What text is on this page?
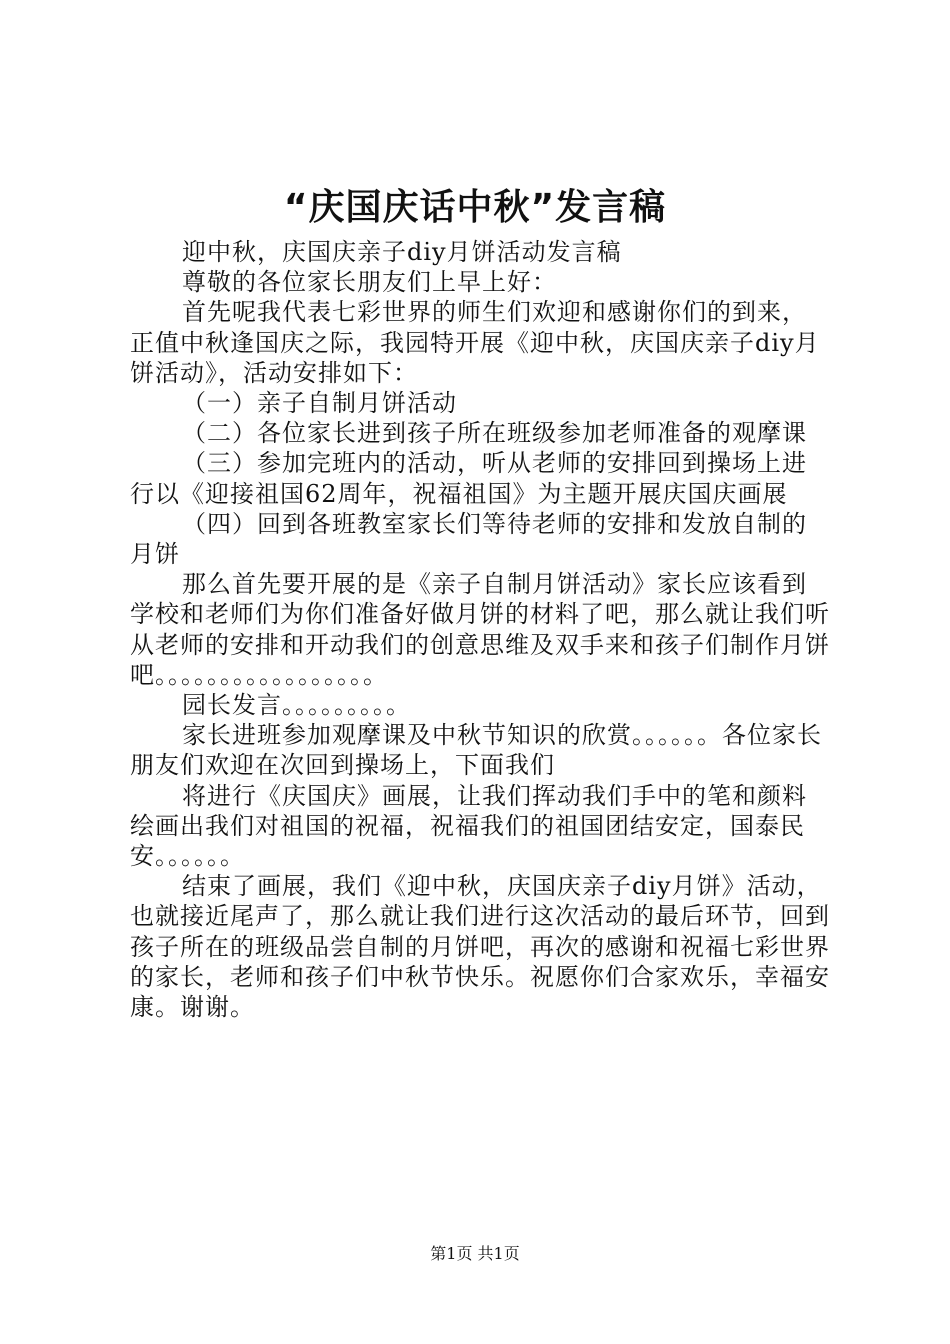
“庆国庆话中秋”发言稿

迎中秋，庆国庆亲子diy月饼活动发言稿

尊敬的各位家长朋友们上早上好：

首先呢我代表七彩世界的师生们欢迎和感谢你们的到来，正值中秋逢国庆之际，我园特开展《迎中秋，庆国庆亲子diy月饼活动》，活动安排如下：

（一）亲子自制月饼活动

（二）各位家长进到孩子所在班级参加老师准备的观摩课

（三）参加完班内的活动，听从老师的安排回到操场上进行以《迎接祖国62周年，祝福祖国》为主题开展庆国庆画展

（四）回到各班教室家长们等待老师的安排和发放自制的月饼

那么首先要开展的是《亲子自制月饼活动》家长应该看到学校和老师们为你们准备好做月饼的材料了吧，那么就让我们听从老师的安排和开动我们的创意思维及双手来和孩子们制作月饼吧。。。。。。。。。。。。。。。。。

园长发言。。。。。。。。。

家长进班参加观摩课及中秋节知识的欣赏。。。。。。各位家长朋友们欢迎在次回到操场上，下面我们

将进行《庆国庆》画展，让我们挥动我们手中的笔和颜料绘画出我们对祖国的祝福，祝福我们的祖国团结安定，国泰民安。。。。。。

结束了画展，我们《迎中秋，庆国庆亲子diy月饼》活动，也就接近尾声了，那么就让我们进行这次活动的最后环节，回到孩子所在的班级品尝自制的月饼吧，再次的感谢和祝福七彩世界的家长，老师和孩子们中秋节快乐。祝愿你们合家欢乐，幸福安康。谢谢。

第1页 共1页
